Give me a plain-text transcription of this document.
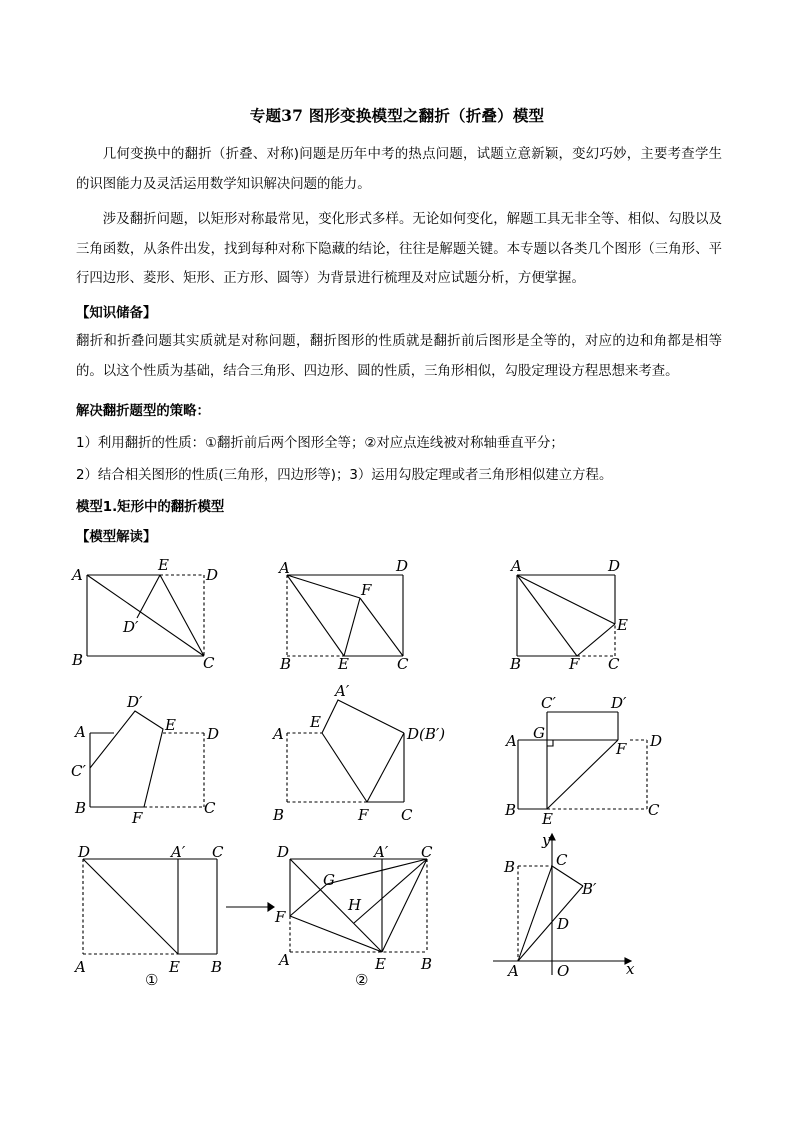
专题37 图形变换模型之翻折（折叠）模型
几何变换中的翻折（折叠、对称)问题是历年中考的热点问题，试题立意新颖，变幻巧妙，主要考查学生的识图能力及灵活运用数学知识解决问题的能力。
涉及翻折问题，以矩形对称最常见，变化形式多样。无论如何变化，解题工具无非全等、相似、勾股以及三角函数，从条件出发，找到每种对称下隐藏的结论，往往是解题关键。本专题以各类几个图形（三角形、平行四边形、菱形、矩形、正方形、圆等）为背景进行梳理及对应试题分析，方便掌握。
【知识储备】
翻折和折叠问题其实质就是对称问题，翻折图形的性质就是翻折前后图形是全等的，对应的边和角都是相等的。以这个性质为基础，结合三角形、四边形、圆的性质，三角形相似，勾股定理设方程思想来考查。
解决翻折题型的策略：
1）利用翻折的性质：①翻折前后两个图形全等；②对应点连线被对称轴垂直平分；
2）结合相关图形的性质(三角形，四边形等)；3）运用勾股定理或者三角形相似建立方程。
模型1.矩形中的翻折模型
【模型解读】
A
E
D
D′
B	C
A	D
F
B	E	C
A	D
E
B	F C
A
D′
E D
C′
B
F
C
A
E
A′
D(B′)
B	F C
C′	D′
A G
F D
B E	C
D	A′ C
A	E B
①
D	A′ C
G
H
F
A	E B
②
y
C
B
B′
D
A	O	x
